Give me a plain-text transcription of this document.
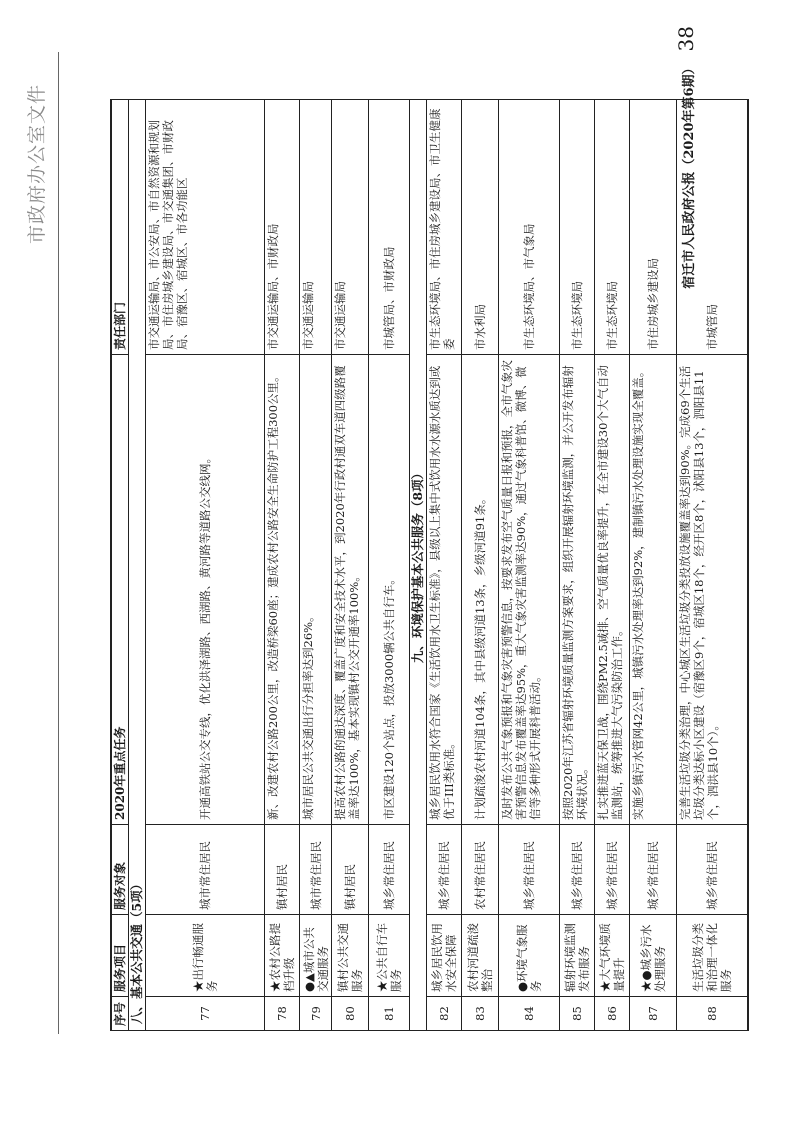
市政府办公室文件
序号
服务项目
服务对象
2020年重点任务
责任部门
八、基本公共交通（5项）	77
★出行畅通服务
城市常住居民
开通高铁站公交专线，优化洪泽湖路、西湖路、黄河路等道路公交线网。
市交通运输局、市公安局、市自然资源和规划局、市住房城乡建设局、市交通集团、市财政局、宿豫区、宿城区、市各功能区
78
★农村公路提档升级
镇村居民
新、改建农村公路200公里，改造桥梁60座；建成农村公路安全生命防护工程300公里。
市交通运输局、市财政局
79
●▲城市公共交通服务
城市常住居民
城市居民公共交通出行分担率达到26%。
市交通运输局
80
镇村公共交通服务
镇村居民
提高农村公路的通达深度、覆盖广度和安全技术水平，到2020年行政村通双车道四级路覆盖率达100%，基本实现镇村公交开通率100%。
市交通运输局
81
★公共自行车服务
城乡常住居民
市区建设120个站点，投放3000辆公共自行车。
市城管局、市财政局
九、环境保护基本公共服务（8项）
82
城乡居民饮用水安全保障
城乡常住居民
城乡居民饮用水符合国家《生活饮用水卫生标准》，县级以上集中式饮用水水源水质达到或优于III类标准。
市生态环境局、市住房城乡建设局、市卫生健康委
83
农村河道疏浚整治
农村常住居民
计划疏浚农村河道104条，其中县级河道13条，乡级河道91条。
市水利局
84
●环境气象服务
城乡常住居民
及时发布公共气象预报和气象灾害预警信息，按要求发布空气质量日报和预报，全市气象灾害预警信息发布覆盖率达95%，重大气象灾害监测率达90%，通过气象科普馆、微博、微信等多种形式开展科普活动。
市生态环境局、市气象局
85
辐射环境监测发布服务
城乡常住居民
按照2020年江苏省辐射环境质量监测方案要求，组织开展辐射环境监测，并公开发布辐射环境状况。
市生态环境局
86
★大气环境质量提升
城乡常住居民
扎实推进蓝天保卫战，围绕PM2.5减排、空气质量优良率提升，在全市建设30个大气自动监测站，统筹推进大气污染防治工作。
市生态环境局
87
★●城乡污水处理服务
城乡常住居民
实施乡镇污水管网42公里，城镇污水处理率达到92%，建制镇污水处理设施实现全覆盖。
市住房城乡建设局
88
生活垃圾分类和治理一体化服务
城乡常住居民
完善生活垃圾分类治理，中心城区生活垃圾分类投放设施覆盖率达到90%。完成69个生活垃圾分类达标小区建设（宿豫区9个，宿城区18个，经开区8个，沭阳县13个，泗阳县11个，泗洪县10个）。
市城管局
宿迁市人民政府公报（2020年第6期）38
